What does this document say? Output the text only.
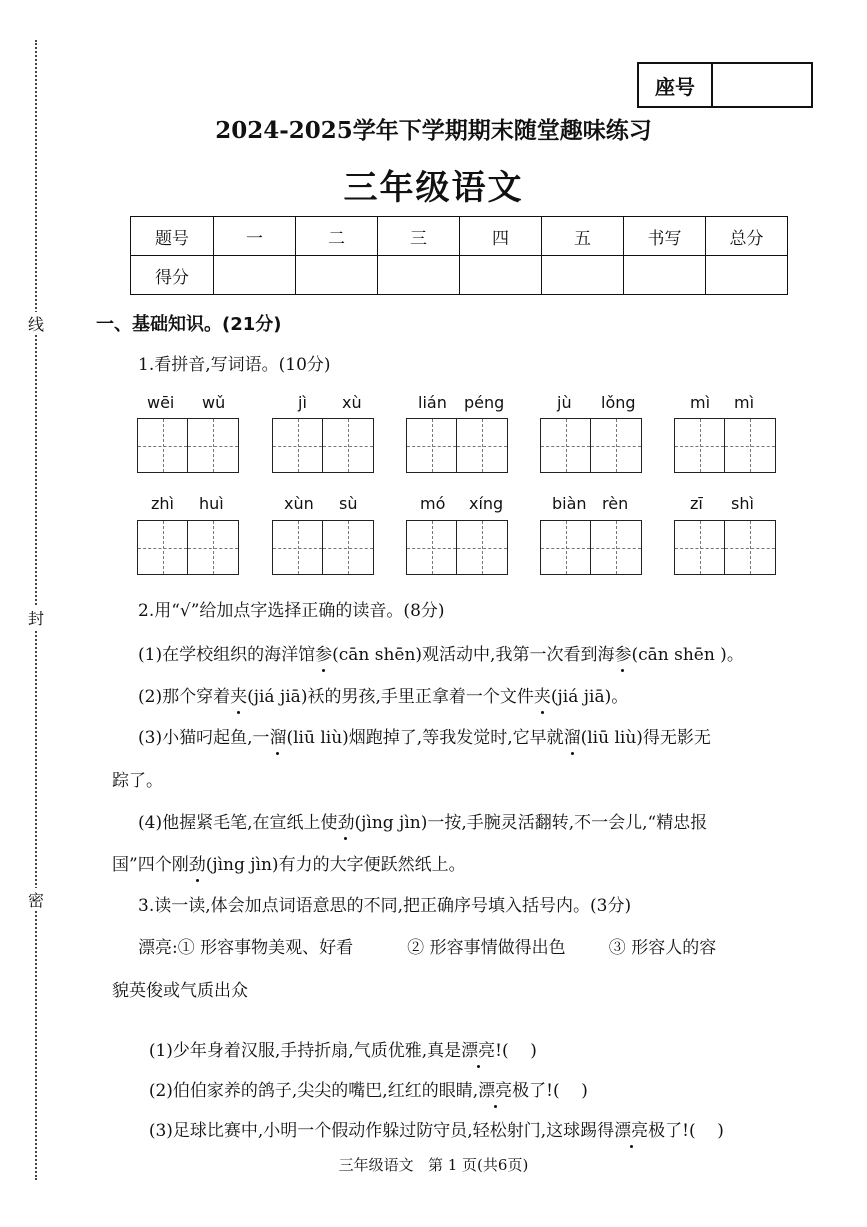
线
封
密
座号
2024-2025学年下学期期末随堂趣味练习
三年级语文
题号	一	二	三	四	五	书写	总分
得分							
一、基础知识。(21分)
1.看拼音,写词语。(10分)
wēi wǔ	jì xù	lián péng	jù lǒng	mì mì
zhì huì	xùn sù	mó xíng	biàn rèn	zī shì
2.用“√”给加点字选择正确的读音。(8分)
(1)在学校组织的海洋馆参(cān shēn)观活动中,我第一次看到海参(cān shēn )。
(2)那个穿着夹(jiá jiā)袄的男孩,手里正拿着一个文件夹(jiá jiā)。
(3)小猫叼起鱼,一溜(liū liù)烟跑掉了,等我发觉时,它早就溜(liū liù)得无影无
踪了。
(4)他握紧毛笔,在宣纸上使劲(jìng jìn)一按,手腕灵活翻转,不一会儿,“精忠报
国”四个刚劲(jìng jìn)有力的大字便跃然纸上。
3.读一读,体会加点词语意思的不同,把正确序号填入括号内。(3分)
漂亮:① 形容事物美观、好看          ② 形容事情做得出色        ③ 形容人的容
貌英俊或气质出众

(1)少年身着汉服,手持折扇,气质优雅,真是漂亮!(    )

(2)伯伯家养的鸽子,尖尖的嘴巴,红红的眼睛,漂亮极了!(    )

(3)足球比赛中,小明一个假动作躲过防守员,轻松射门,这球踢得漂亮极了!(    )

三年级语文   第 1 页(共6页)
